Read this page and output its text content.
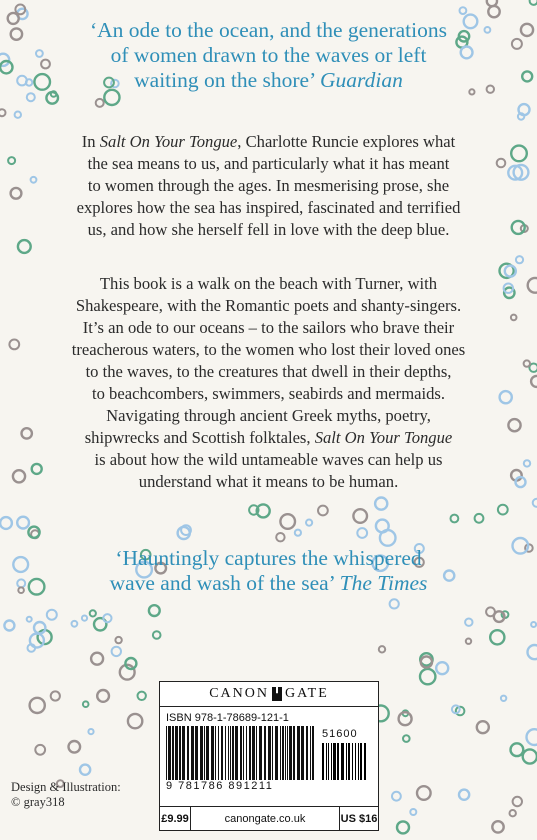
‘An ode to the ocean, and the generations
of women drawn to the waves or left
waiting on the shore’ Guardian
In Salt On Your Tongue, Charlotte Runcie explores what
the sea means to us, and particularly what it has meant
to women through the ages. In mesmerising prose, she
explores how the sea has inspired, fascinated and terrified
us, and how she herself fell in love with the deep blue.
This book is a walk on the beach with Turner, with
Shakespeare, with the Romantic poets and shanty-singers.
It’s an ode to our oceans – to the sailors who brave their
treacherous waters, to the women who lost their loved ones
to the waves, to the creatures that dwell in their depths,
to beachcombers, swimmers, seabirds and mermaids.
Navigating through ancient Greek myths, poetry,
shipwrecks and Scottish folktales, Salt On Your Tongue
is about how the wild untameable waves can help us
understand what it means to be human.
‘Hauntingly captures the whispered
wave and wash of the sea’ The Times
Design & Illustration:
© gray318
CANON GATE
ISBN 978-1-78689-121-1
51600
9 781786 891211
£9.99	canongate.co.uk	US $16
